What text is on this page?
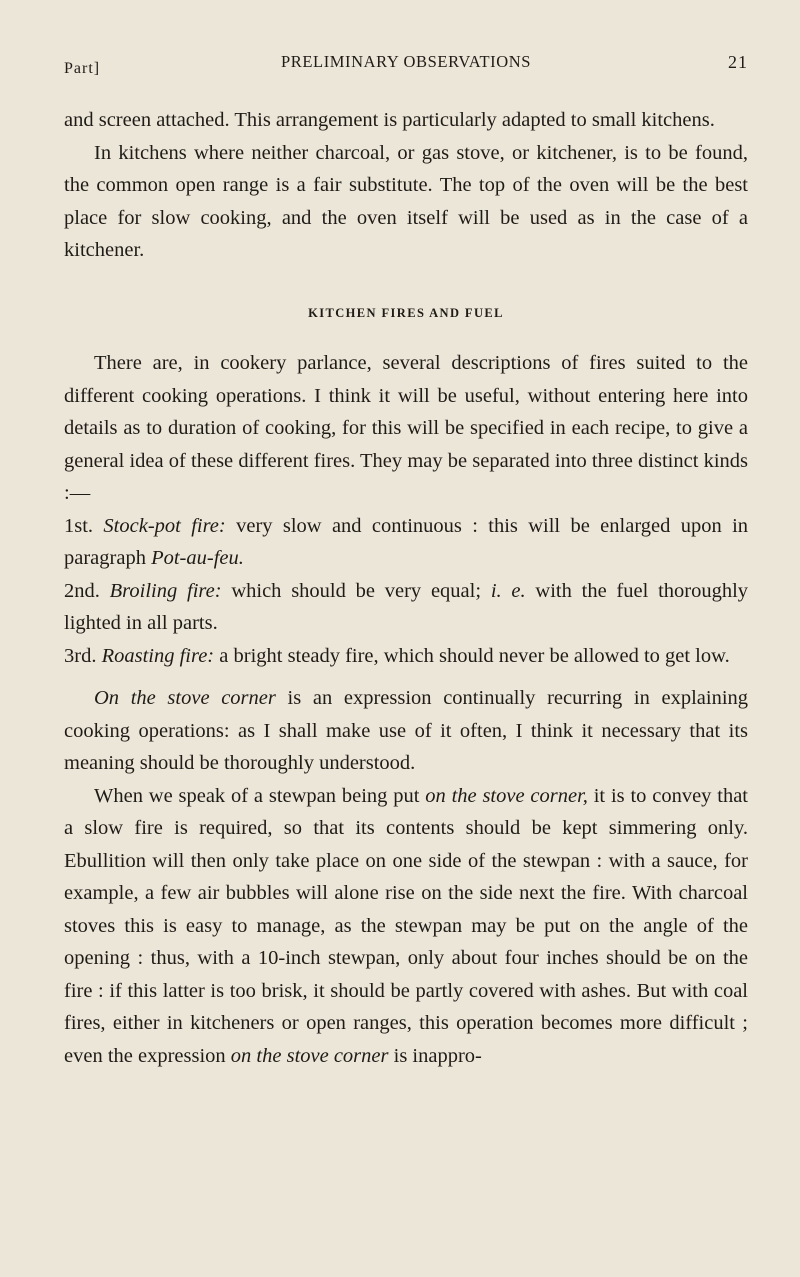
Part]	PRELIMINARY OBSERVATIONS	21

and screen attached. This arrangement is particularly adapted to small kitchens.

In kitchens where neither charcoal, or gas stove, or kitchener, is to be found, the common open range is a fair substitute. The top of the oven will be the best place for slow cooking, and the oven itself will be used as in the case of a kitchener.

KITCHEN FIRES AND FUEL

There are, in cookery parlance, several descriptions of fires suited to the different cooking operations. I think it will be useful, without entering here into details as to duration of cooking, for this will be specified in each recipe, to give a general idea of these different fires. They may be separated into three distinct kinds :—

1st. Stock-pot fire: very slow and continuous : this will be enlarged upon in paragraph Pot-au-feu.

2nd. Broiling fire: which should be very equal; i. e. with the fuel thoroughly lighted in all parts.

3rd. Roasting fire: a bright steady fire, which should never be allowed to get low.

On the stove corner is an expression continually recurring in explaining cooking operations: as I shall make use of it often, I think it necessary that its meaning should be thoroughly understood.

When we speak of a stewpan being put on the stove corner, it is to convey that a slow fire is required, so that its contents should be kept simmering only. Ebullition will then only take place on one side of the stewpan : with a sauce, for example, a few air bubbles will alone rise on the side next the fire. With charcoal stoves this is easy to manage, as the stewpan may be put on the angle of the opening : thus, with a 10-inch stewpan, only about four inches should be on the fire : if this latter is too brisk, it should be partly covered with ashes. But with coal fires, either in kitcheners or open ranges, this operation becomes more difficult ; even the expression on the stove corner is inappro-
